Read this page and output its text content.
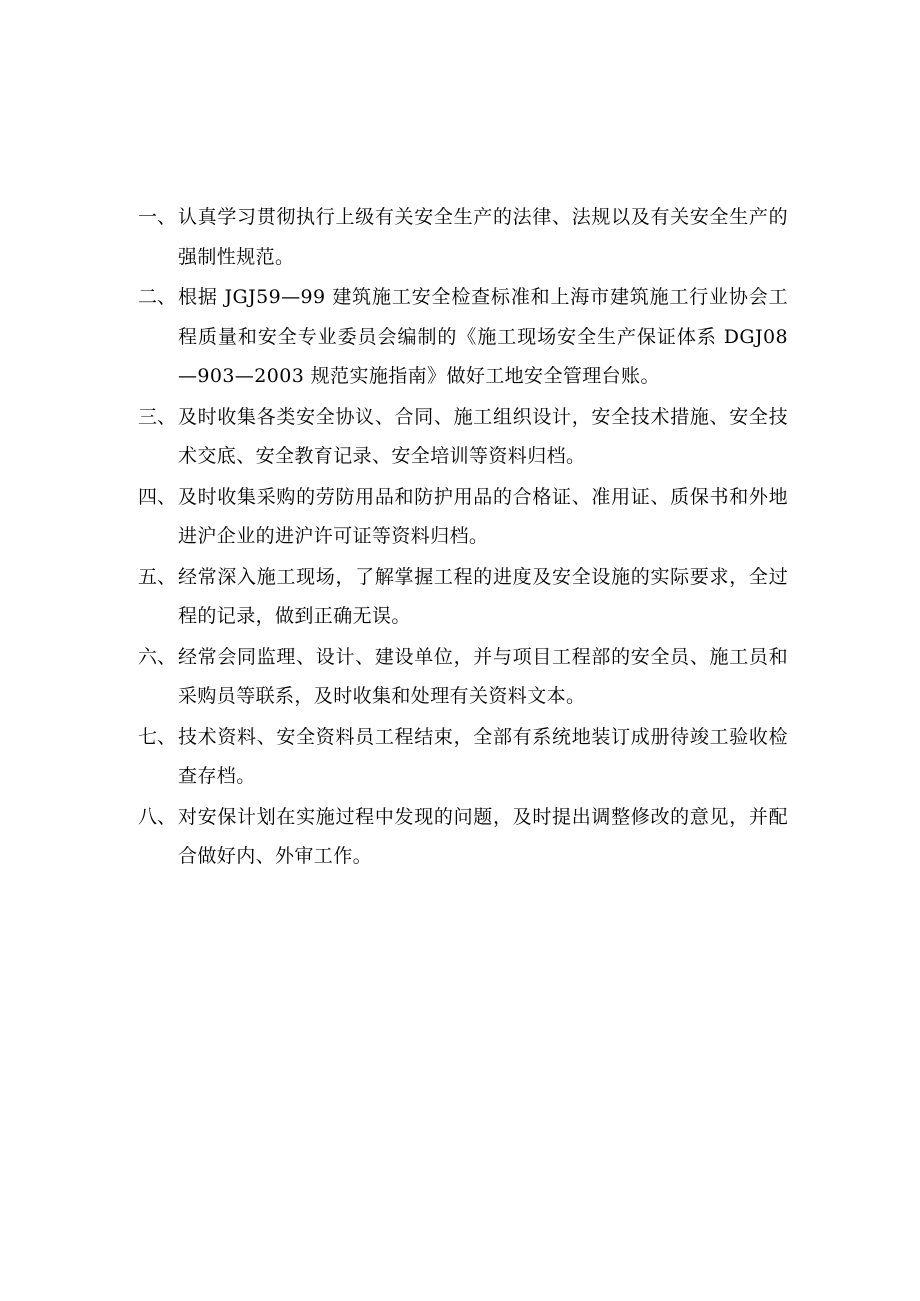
一、 认真学习贯彻执行上级有关安全生产的法律、法规以及有关安全生产的强制性规范。
二、 根据 JGJ59—99 建筑施工安全检查标准和上海市建筑施工行业协会工程质量和安全专业委员会编制的《施工现场安全生产保证体系 DGJ08—903—2003 规范实施指南》做好工地安全管理台账。
三、 及时收集各类安全协议、合同、施工组织设计，安全技术措施、安全技术交底、安全教育记录、安全培训等资料归档。
四、 及时收集采购的劳防用品和防护用品的合格证、准用证、质保书和外地进沪企业的进沪许可证等资料归档。
五、 经常深入施工现场，了解掌握工程的进度及安全设施的实际要求，全过程的记录，做到正确无误。
六、 经常会同监理、设计、建设单位，并与项目工程部的安全员、施工员和采购员等联系，及时收集和处理有关资料文本。
七、 技术资料、安全资料员工程结束，全部有系统地装订成册待竣工验收检查存档。
八、 对安保计划在实施过程中发现的问题，及时提出调整修改的意见，并配合做好内、外审工作。
